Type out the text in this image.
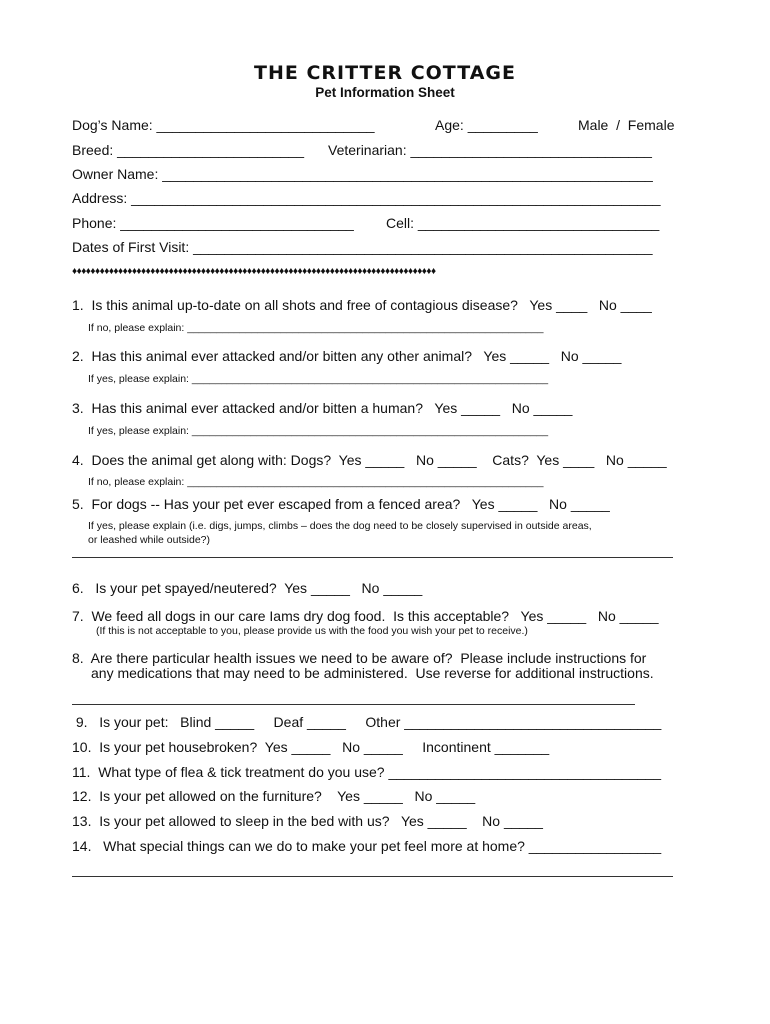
THE CRITTER COTTAGE
Pet Information Sheet
Dog’s Name: ____________________________	Age: _________	Male  /  Female
Breed: ________________________ Veterinarian: _______________________________
Owner Name: _______________________________________________________________
Address: ____________________________________________________________________
Phone: ______________________________ Cell: _______________________________
Dates of First Visit: ___________________________________________________________
♦♦♦♦♦♦♦♦♦♦♦♦♦♦♦♦♦♦♦♦♦♦♦♦♦♦♦♦♦♦♦♦♦♦♦♦♦♦♦♦♦♦♦♦♦♦♦♦♦♦♦♦♦♦♦♦♦♦♦♦♦♦♦♦♦♦♦♦♦♦♦♦♦♦♦♦♦♦♦
1.  Is this animal up-to-date on all shots and free of contagious disease?   Yes ____   No ____
If no, please explain: _____________________________________________________________
2.  Has this animal ever attacked and/or bitten any other animal?   Yes _____   No _____
If yes, please explain: _____________________________________________________________
3.  Has this animal ever attacked and/or bitten a human?   Yes _____   No _____
If yes, please explain: _____________________________________________________________
4.  Does the animal get along with: Dogs?  Yes _____   No _____    Cats?  Yes ____   No _____
If no, please explain: _____________________________________________________________
5.  For dogs -- Has your pet ever escaped from a fenced area?   Yes _____   No _____
If yes, please explain (i.e. digs, jumps, climbs – does the dog need to be closely supervised in outside areas,
or leashed while outside?)
6.   Is your pet spayed/neutered?  Yes _____   No _____
7.  We feed all dogs in our care Iams dry dog food.  Is this acceptable?   Yes _____   No _____
(If this is not acceptable to you, please provide us with the food you wish your pet to receive.)
8.  Are there particular health issues we need to be aware of?  Please include instructions for
any medications that may need to be administered.  Use reverse for additional instructions.
9.   Is your pet:   Blind _____     Deaf _____     Other _________________________________
10.  Is your pet housebroken?  Yes _____   No _____     Incontinent _______
11.  What type of flea & tick treatment do you use? ___________________________________
12.  Is your pet allowed on the furniture?    Yes _____   No _____
13.  Is your pet allowed to sleep in the bed with us?   Yes _____    No _____
14.   What special things can we do to make your pet feel more at home? _________________
